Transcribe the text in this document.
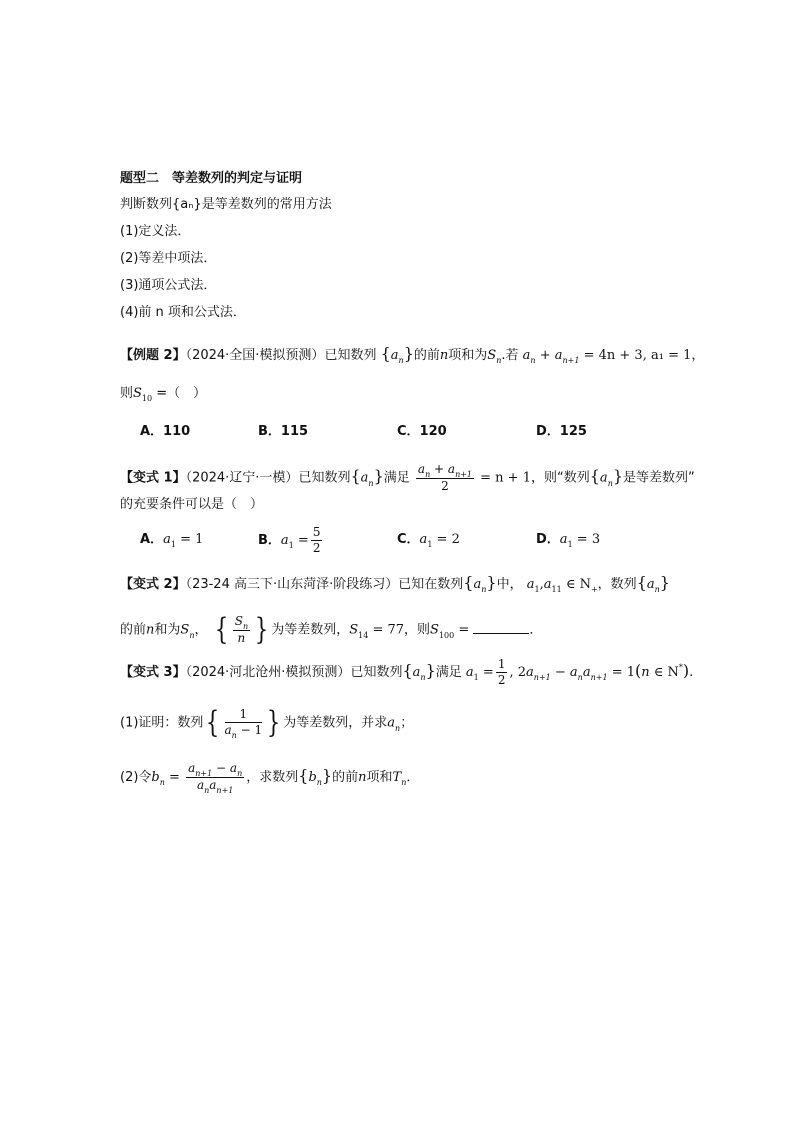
题型二　等差数列的判定与证明
判断数列{aₙ}是等差数列的常用方法
(1)定义法．
(2)等差中项法．
(3)通项公式法．
(4)前 n 项和公式法．
【例题 2】（2024·全国·模拟预测）已知数列 $\{a_n\}$的前n项和为$S_n$.若 $a_n + a_{n+1} = 4n + 3$, a₁ = 1，
则$S_{10}$ =（　）
A．110	B．115	C．120	D．125
【变式 1】（2024·辽宁·一模）已知数列$\{a_n\}$满足 $\frac{a_n + a_{n+1}}{2} = n + 1$，则“数列$\{a_n\}$是等差数列”
的充要条件可以是（　）
A．$a_1 = 1$	B．$a_1 = \frac{5}{2}$	C．$a_1 = 2$	D．$a_1 = 3$
【变式 2】（23-24 高三下·山东菏泽·阶段练习）已知在数列$\{a_n\}$中， $a_1,a_{11}$ ∈ $N_+$，数列$\{a_n\}$
的前n和为$S_n$， { $\frac{S_n}{n}$ } 为等差数列，$S_{14} = 77$，则$S_{100}$ =	．
【变式 3】（2024·河北沧州·模拟预测）已知数列$\{a_n\}$满足 $a_1 = \frac{1}{2}$ , $2a_{n+1} - a_na_{n+1} = 1(n$ ∈ N*).
(1)证明：数列{ $\frac{1}{a_n - 1}$ } 为等差数列，并求$a_n$；
(2)令$b_n = \frac{a_{n+1} - a_n}{a_na_{n+1}}$ ，求数列$\{b_n\}$的前n项和$T_n$．
